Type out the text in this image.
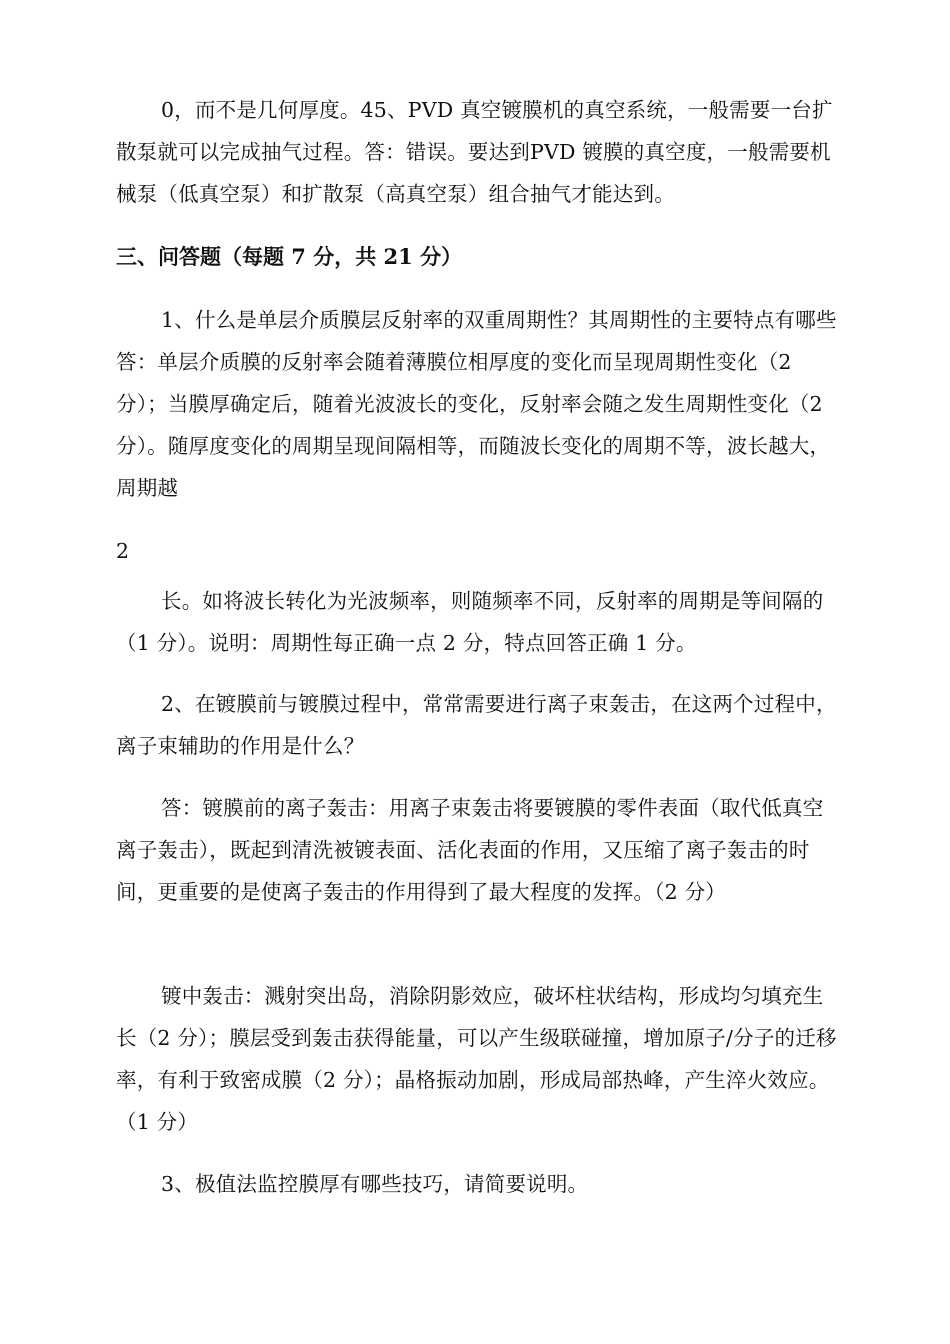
0，而不是几何厚度。45、PVD 真空镀膜机的真空系统，一般需要一台扩散泵就可以完成抽气过程。答：错误。要达到PVD 镀膜的真空度，一般需要机械泵（低真空泵）和扩散泵（高真空泵）组合抽气才能达到。

三、问答题（每题 7 分，共 21 分）

1、什么是单层介质膜层反射率的双重周期性？其周期性的主要特点有哪些答：单层介质膜的反射率会随着薄膜位相厚度的变化而呈现周期性变化（2 分）；当膜厚确定后，随着光波波长的变化，反射率会随之发生周期性变化（2 分）。随厚度变化的周期呈现间隔相等，而随波长变化的周期不等，波长越大，周期越

2

长。如将波长转化为光波频率，则随频率不同，反射率的周期是等间隔的（1 分）。说明：周期性每正确一点 2 分，特点回答正确 1 分。

2、在镀膜前与镀膜过程中，常常需要进行离子束轰击，在这两个过程中，离子束辅助的作用是什么？

答：镀膜前的离子轰击：用离子束轰击将要镀膜的零件表面（取代低真空离子轰击），既起到清洗被镀表面、活化表面的作用，又压缩了离子轰击的时间，更重要的是使离子轰击的作用得到了最大程度的发挥。（2 分）

镀中轰击：溅射突出岛，消除阴影效应，破坏柱状结构，形成均匀填充生长（2 分）；膜层受到轰击获得能量，可以产生级联碰撞，增加原子/分子的迁移率，有利于致密成膜（2 分）；晶格振动加剧，形成局部热峰，产生淬火效应。（1 分）

3、极值法监控膜厚有哪些技巧，请简要说明。
